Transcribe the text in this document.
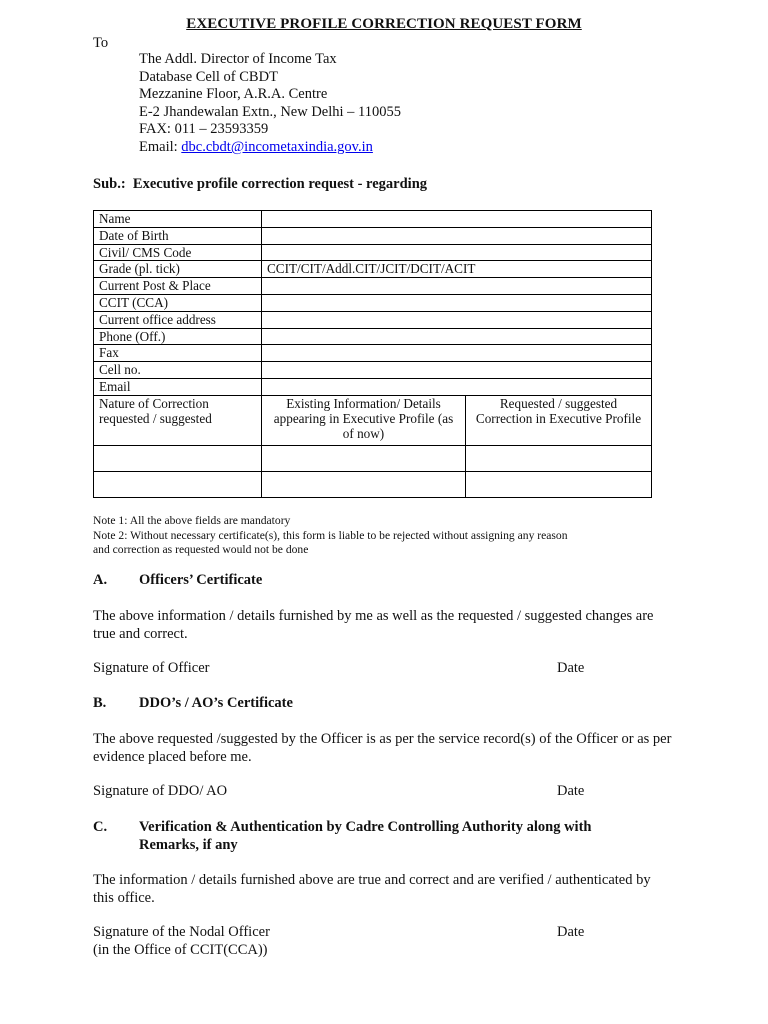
EXECUTIVE PROFILE CORRECTION REQUEST FORM
To
The Addl. Director of Income Tax
Database Cell of CBDT
Mezzanine Floor, A.R.A. Centre
E-2 Jhandewalan Extn., New Delhi – 110055
FAX: 011 – 23593359
Email: dbc.cbdt@incometaxindia.gov.in
Sub.: Executive profile correction request - regarding
Name		
Date of Birth		
Civil/ CMS Code		
Grade (pl. tick)	CCIT/CIT/Addl.CIT/JCIT/DCIT/ACIT	
Current Post & Place		
CCIT (CCA)		
Current office address		
Phone (Off.)		
Fax		
Cell no.		
Email		
Nature of Correction requested / suggested	Existing Information/ Details appearing in Executive Profile (as of now)	Requested / suggested Correction in Executive Profile

Note 1: All the above fields are mandatory
Note 2: Without necessary certificate(s), this form is liable to be rejected without assigning any reason
and correction as requested would not be done
A. Officers’ Certificate
The above information / details furnished by me as well as the requested / suggested changes are true and correct.
Signature of Officer	Date
B. DDO’s / AO’s Certificate
The above requested /suggested by the Officer is as per the service record(s) of the Officer or as per evidence placed before me.
Signature of DDO/ AO	Date
C. Verification & Authentication by Cadre Controlling Authority along with
Remarks, if any
The information / details furnished above are true and correct and are verified / authenticated by this office.
Signature of the Nodal Officer
(in the Office of CCIT(CCA))
Date
